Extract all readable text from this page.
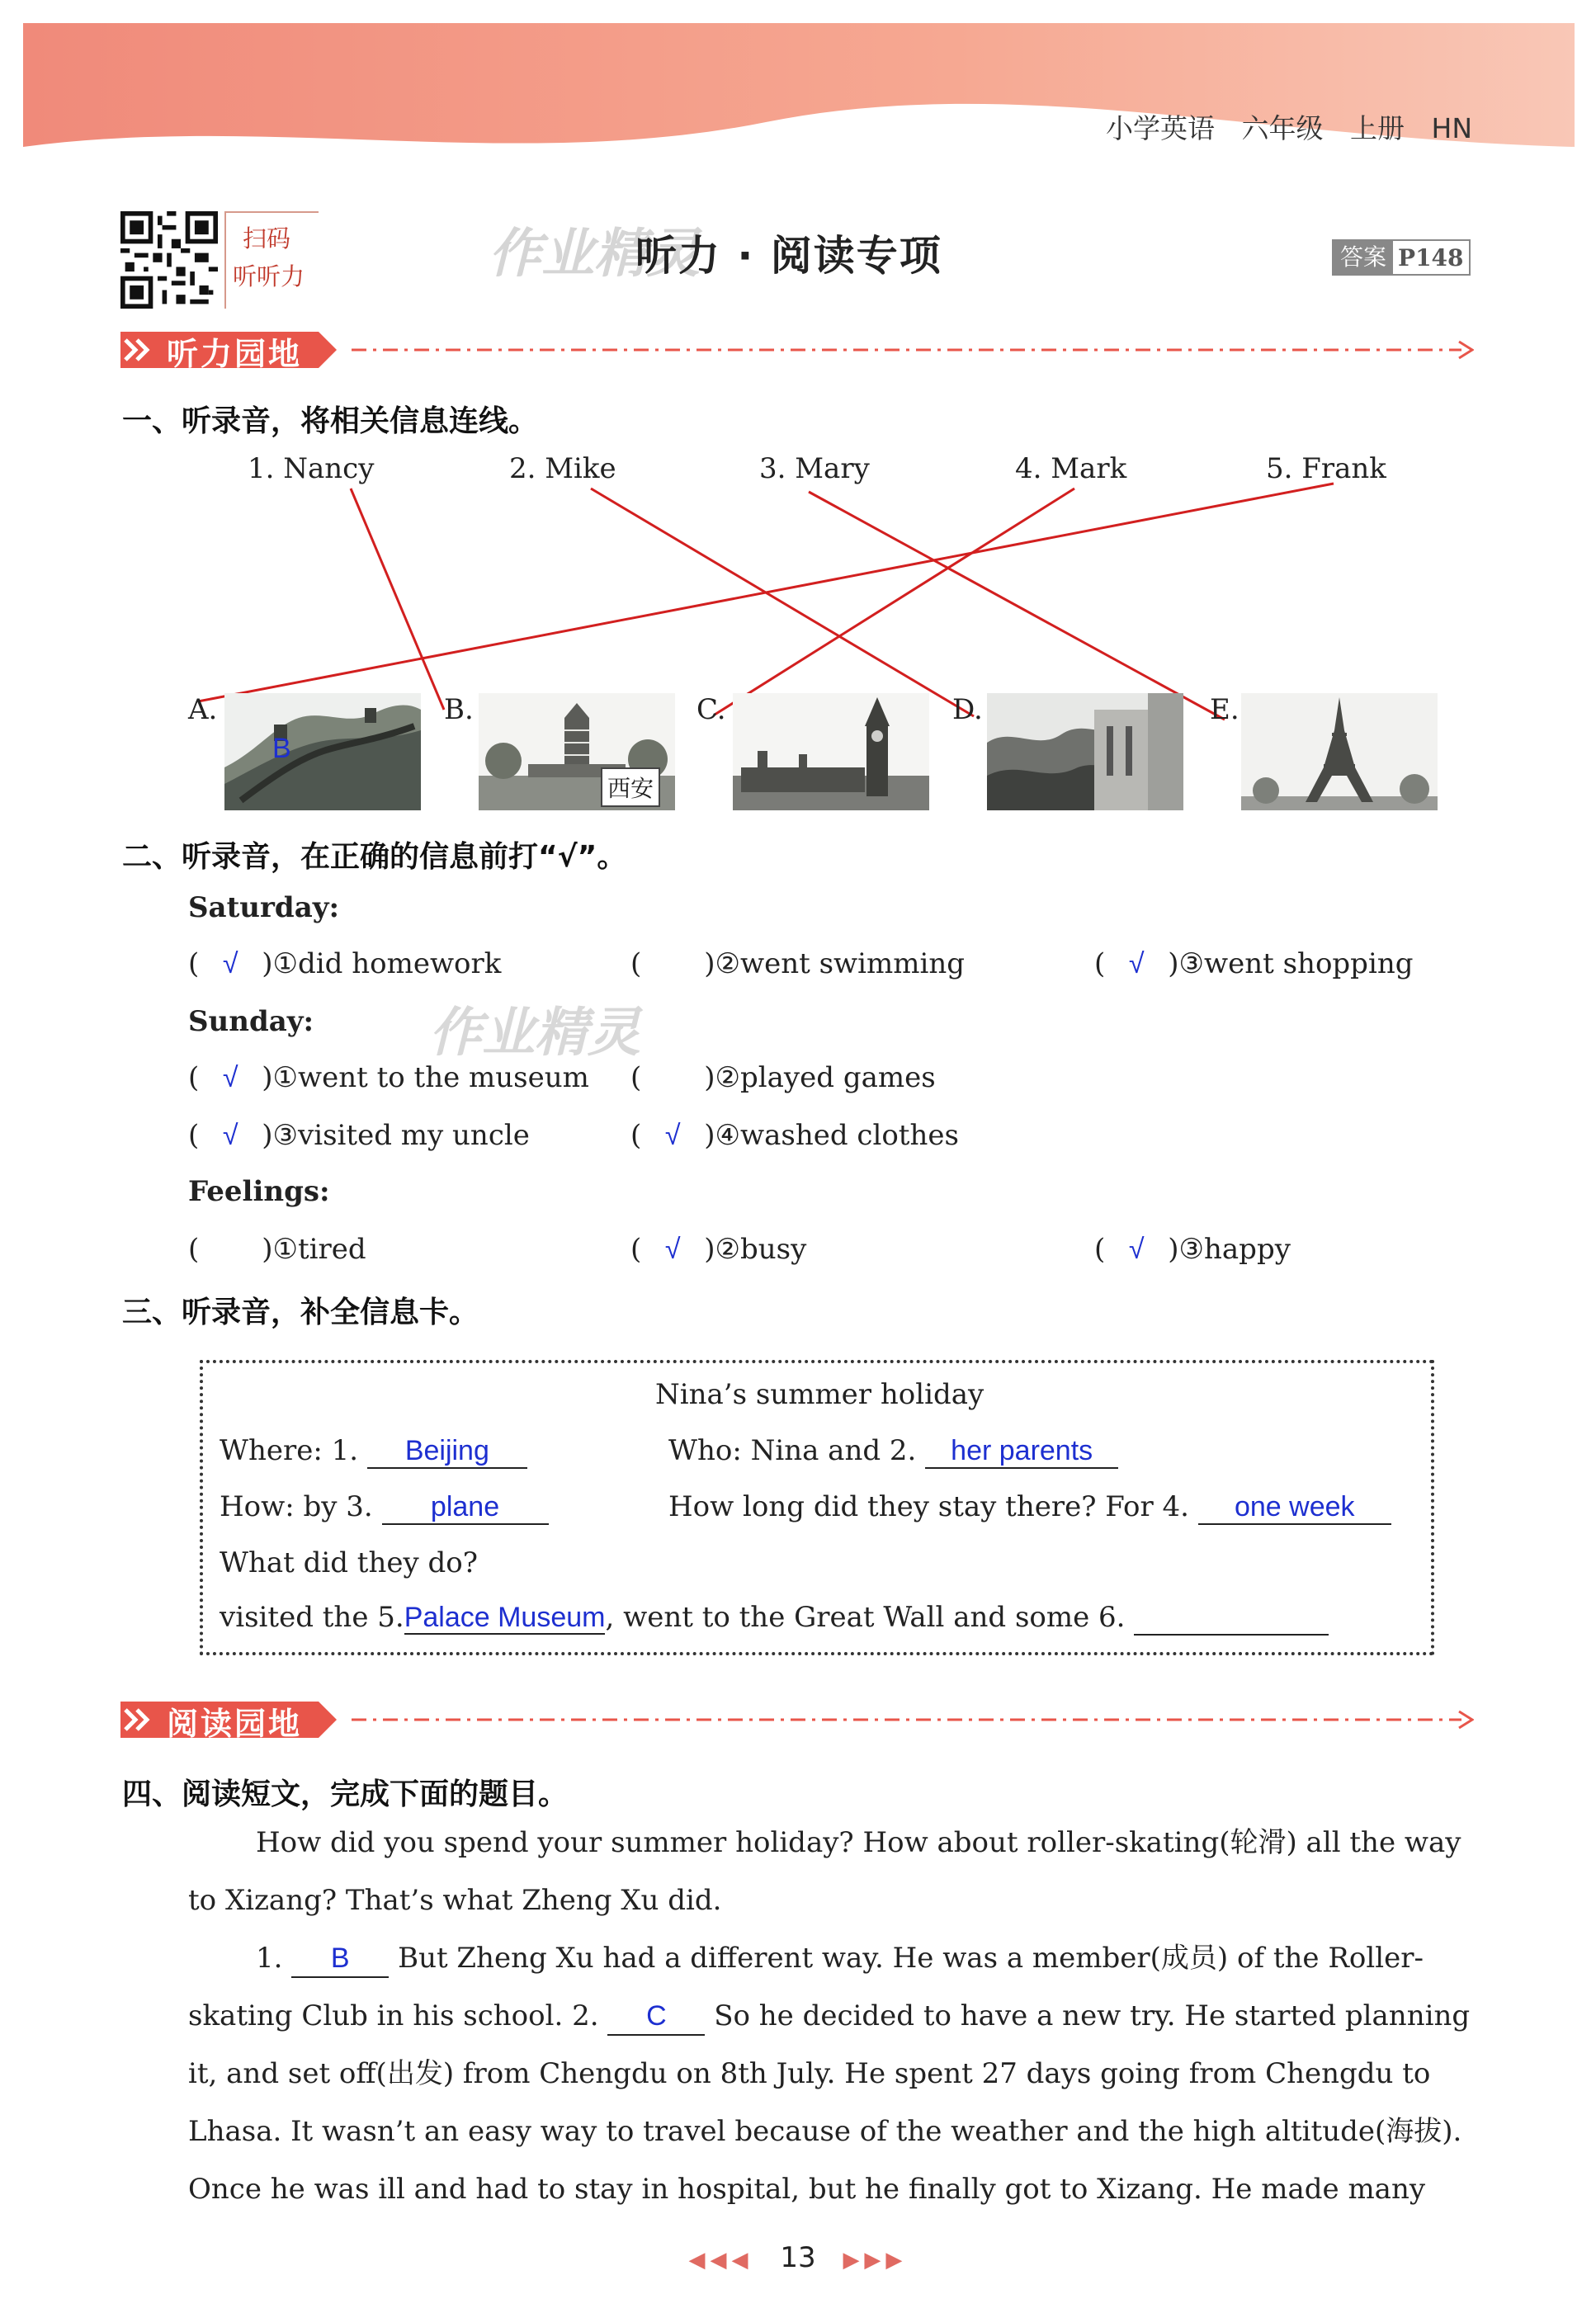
小学英语 六年级 上册 HN
扫码
听听力	作业精灵
听力 · 阅读专项	答案 P148
听力园地
一、听录音，将相关信息连线。
1. Nancy	2. Mike	3. Mary	4. Mark	5. Frank
A.	B.	C.	D.	E.
B
西安
二、听录音，在正确的信息前打“√”。
Saturday:
( √ )①did homework	( )②went swimming	( √ )③went shopping
Sunday: 作业精灵
( √ )①went to the museum ( )②played games
( √ )③visited my uncle	( √ )④washed clothes
Feelings:
( )①tired	( √ )②busy	( √ )③happy
三、听录音，补全信息卡。
Nina’s summer holiday
Where: 1. Beijing	Who: Nina and 2. her parents
How: by 3. plane	How long did they stay there? For 4. one week
What did they do?
visited the 5.Palace Museum, went to the Great Wall and some 6.
阅读园地
四、阅读短文，完成下面的题目。
How did you spend your summer holiday? How about roller-skating(轮滑) all the way
to Xizang? That’s what Zheng Xu did.
1. B But Zheng Xu had a different way. He was a member(成员) of the Roller-
skating Club in his school. 2. C So he decided to have a new try. He started planning
it, and set off(出发) from Chengdu on 8th July. He spent 27 days going from Chengdu to
Lhasa. It wasn’t an easy way to travel because of the weather and the high altitude(海拔).
Once he was ill and had to stay in hospital, but he finally got to Xizang. He made many
◀◀◀ 13 ▶▶▶
